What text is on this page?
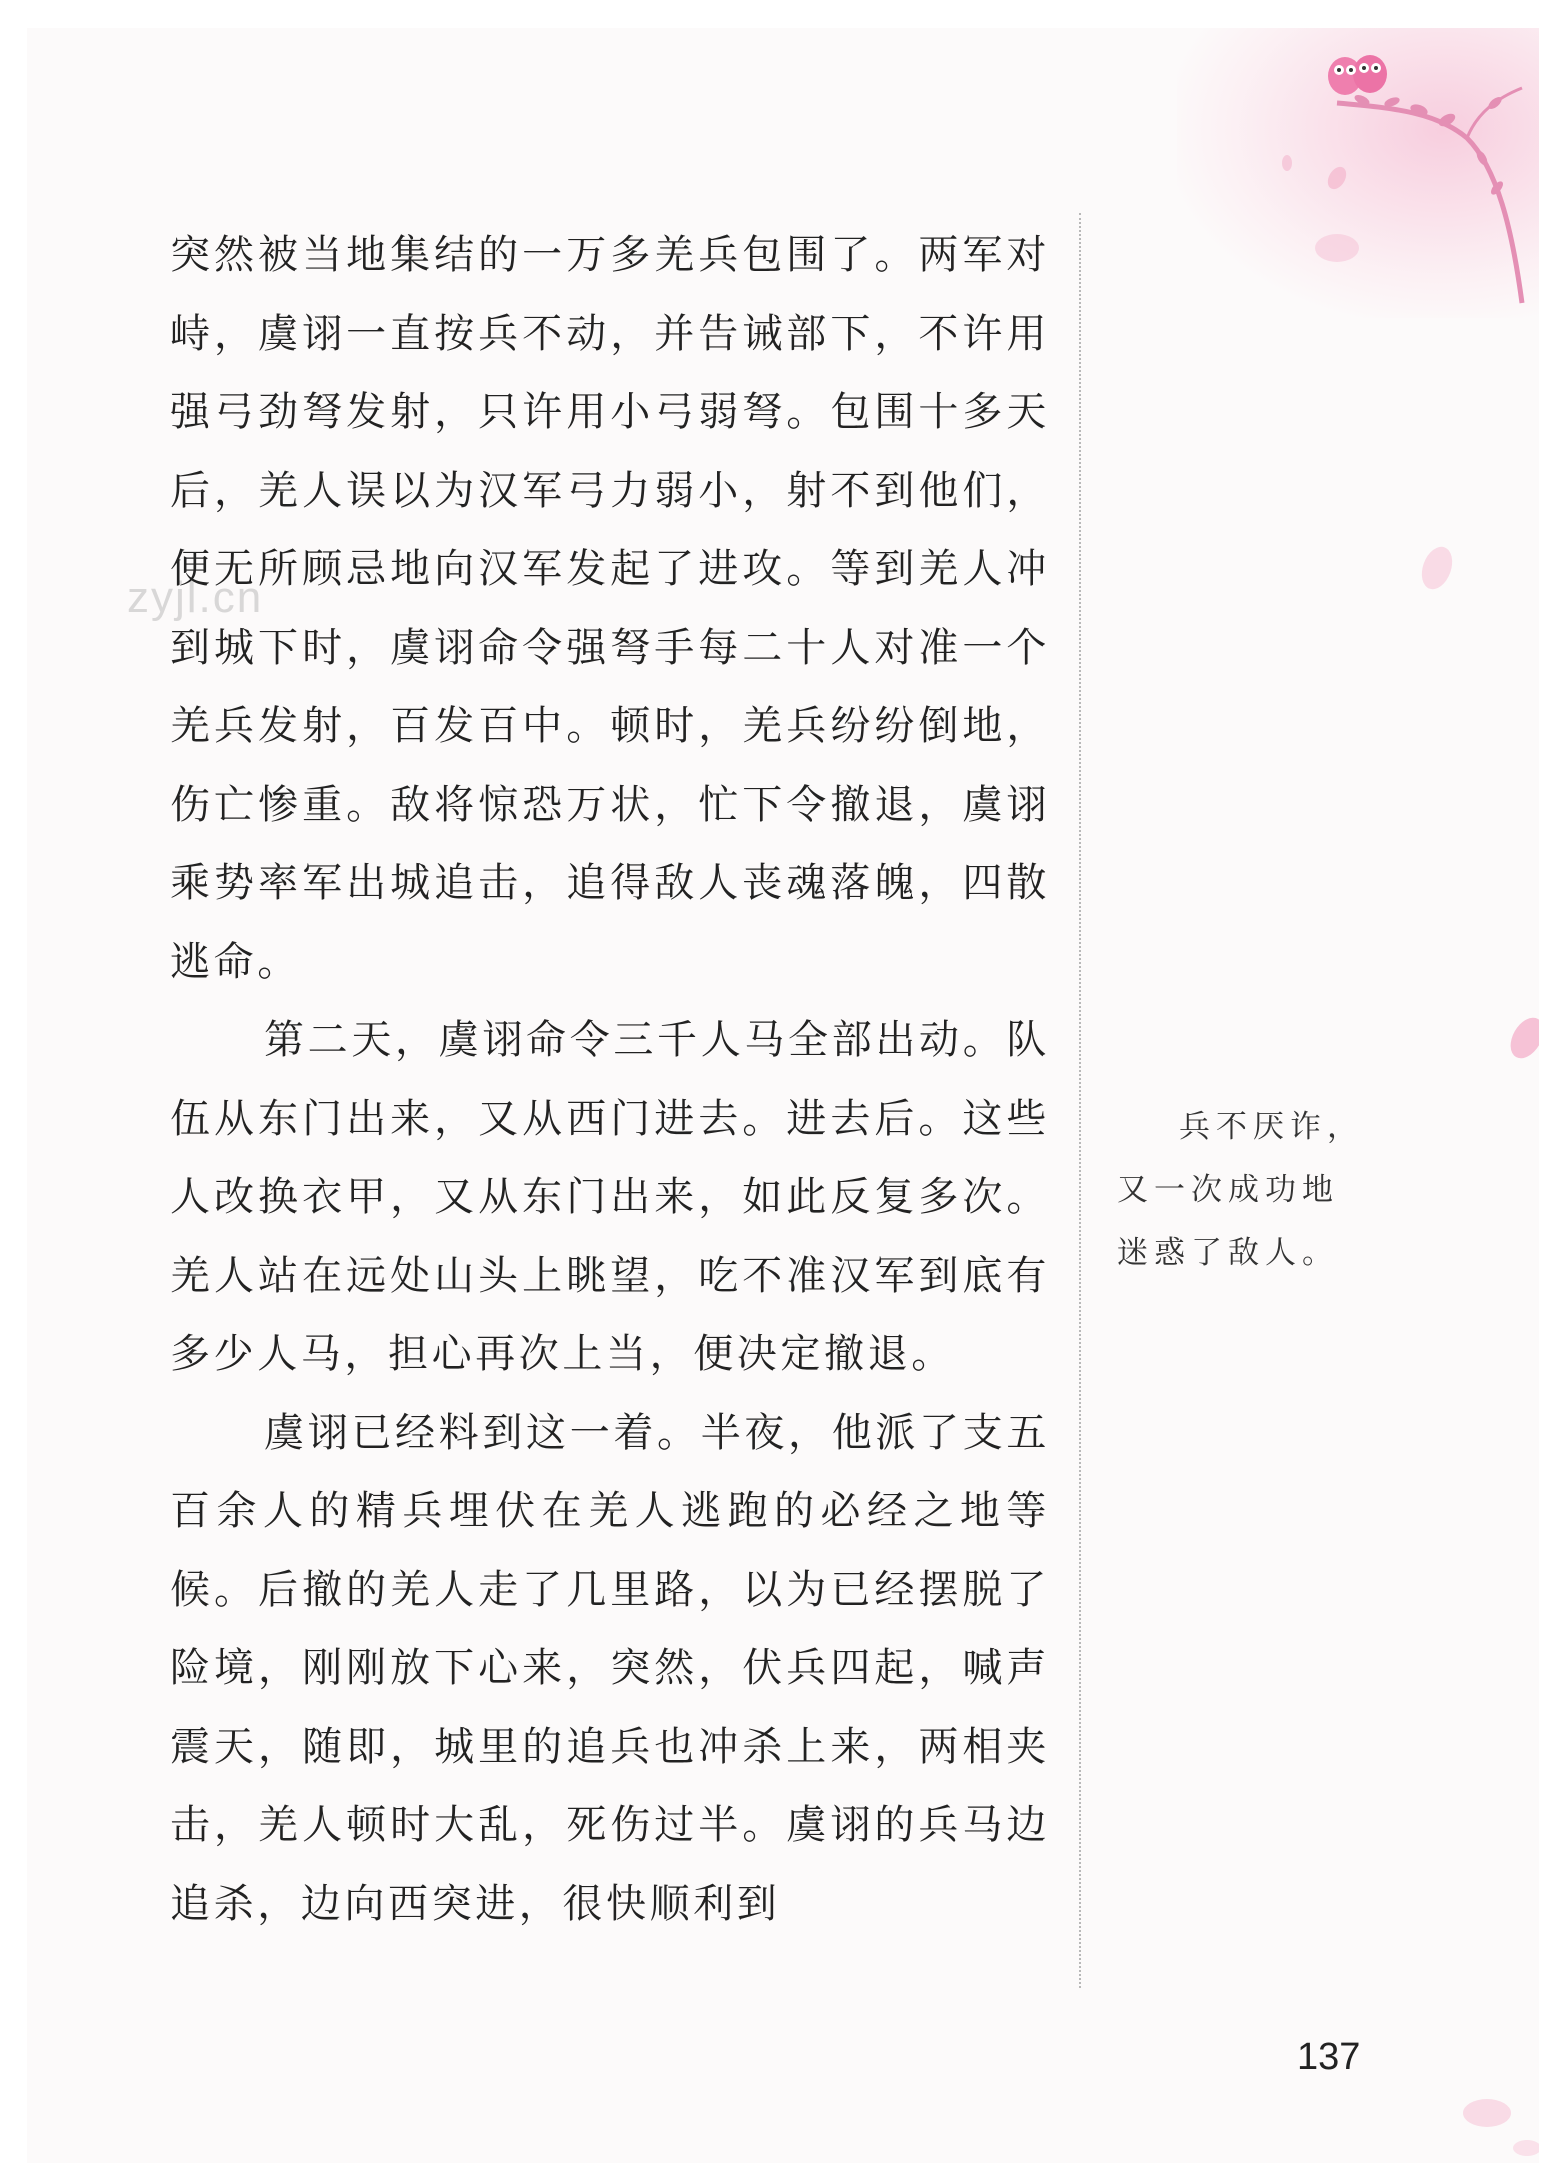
zyjl.cn

突然被当地集结的一万多羌兵包围了。两军对峙，虞诩一直按兵不动，并告诫部下，不许用强弓劲弩发射，只许用小弓弱弩。包围十多天后，羌人误以为汉军弓力弱小，射不到他们，便无所顾忌地向汉军发起了进攻。等到羌人冲到城下时，虞诩命令强弩手每二十人对准一个羌兵发射，百发百中。顿时，羌兵纷纷倒地，伤亡惨重。敌将惊恐万状，忙下令撤退，虞诩乘势率军出城追击，追得敌人丧魂落魄，四散逃命。

第二天，虞诩命令三千人马全部出动。队伍从东门出来，又从西门进去。进去后。这些人改换衣甲，又从东门出来，如此反复多次。羌人站在远处山头上眺望，吃不准汉军到底有多少人马，担心再次上当，便决定撤退。

虞诩已经料到这一着。半夜，他派了支五百余人的精兵埋伏在羌人逃跑的必经之地等候。后撤的羌人走了几里路，以为已经摆脱了险境，刚刚放下心来，突然，伏兵四起，喊声震天，随即，城里的追兵也冲杀上来，两相夹击，羌人顿时大乱，死伤过半。虞诩的兵马边追杀，边向西突进，很快顺利到

兵不厌诈，
又一次成功地
迷惑了敌人。
137
